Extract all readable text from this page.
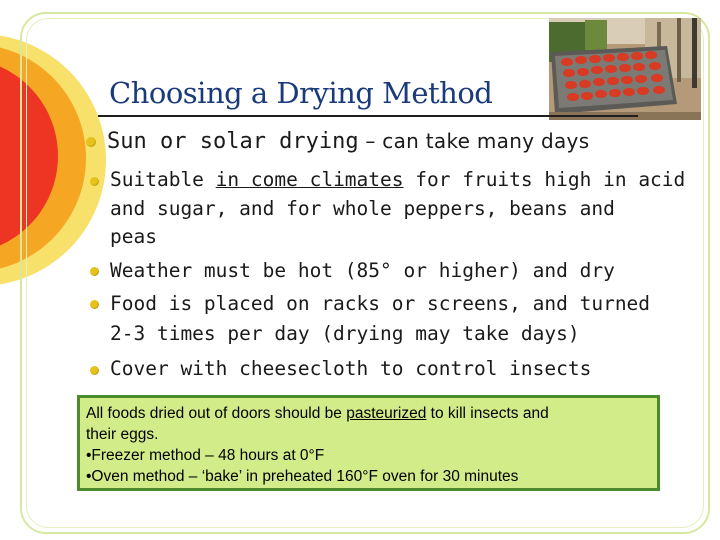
Choosing a Drying Method

Sun or solar drying – can take many days

Suitable in come climates for fruits high in acid

and sugar, and for whole peppers, beans and

peas

Weather must be hot (85° or higher) and dry

Food is placed on racks or screens, and turned

2-3 times per day (drying may take days)

Cover with cheesecloth to control insects

All foods dried out of doors should be pasteurized to kill insects and

their eggs.

•Freezer method – 48 hours at 0°F

•Oven method – ‘bake’ in preheated 160°F oven for 30 minutes
